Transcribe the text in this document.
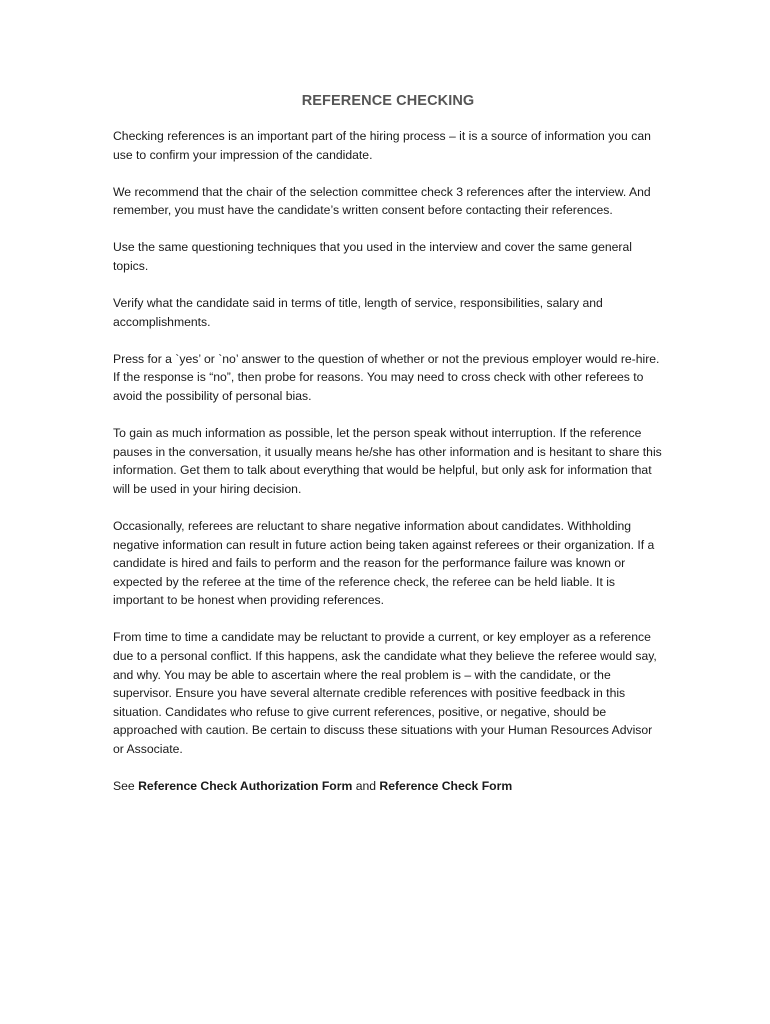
REFERENCE CHECKING

Checking references is an important part of the hiring process – it is a source of information you can use to confirm your impression of the candidate.

We recommend that the chair of the selection committee check 3 references after the interview. And remember, you must have the candidate’s written consent before contacting their references.

Use the same questioning techniques that you used in the interview and cover the same general topics.

Verify what the candidate said in terms of title, length of service, responsibilities, salary and accomplishments.

Press for a `yes’ or `no’ answer to the question of whether or not the previous employer would re-hire. If the response is “no”, then probe for reasons. You may need to cross check with other referees to avoid the possibility of personal bias.

To gain as much information as possible, let the person speak without interruption. If the reference pauses in the conversation, it usually means he/she has other information and is hesitant to share this information. Get them to talk about everything that would be helpful, but only ask for information that will be used in your hiring decision.

Occasionally, referees are reluctant to share negative information about candidates. Withholding negative information can result in future action being taken against referees or their organization. If a candidate is hired and fails to perform and the reason for the performance failure was known or expected by the referee at the time of the reference check, the referee can be held liable. It is important to be honest when providing references.

From time to time a candidate may be reluctant to provide a current, or key employer as a reference due to a personal conflict. If this happens, ask the candidate what they believe the referee would say, and why. You may be able to ascertain where the real problem is – with the candidate, or the supervisor. Ensure you have several alternate credible references with positive feedback in this situation. Candidates who refuse to give current references, positive, or negative, should be approached with caution. Be certain to discuss these situations with your Human Resources Advisor or Associate.

See Reference Check Authorization Form and Reference Check Form
